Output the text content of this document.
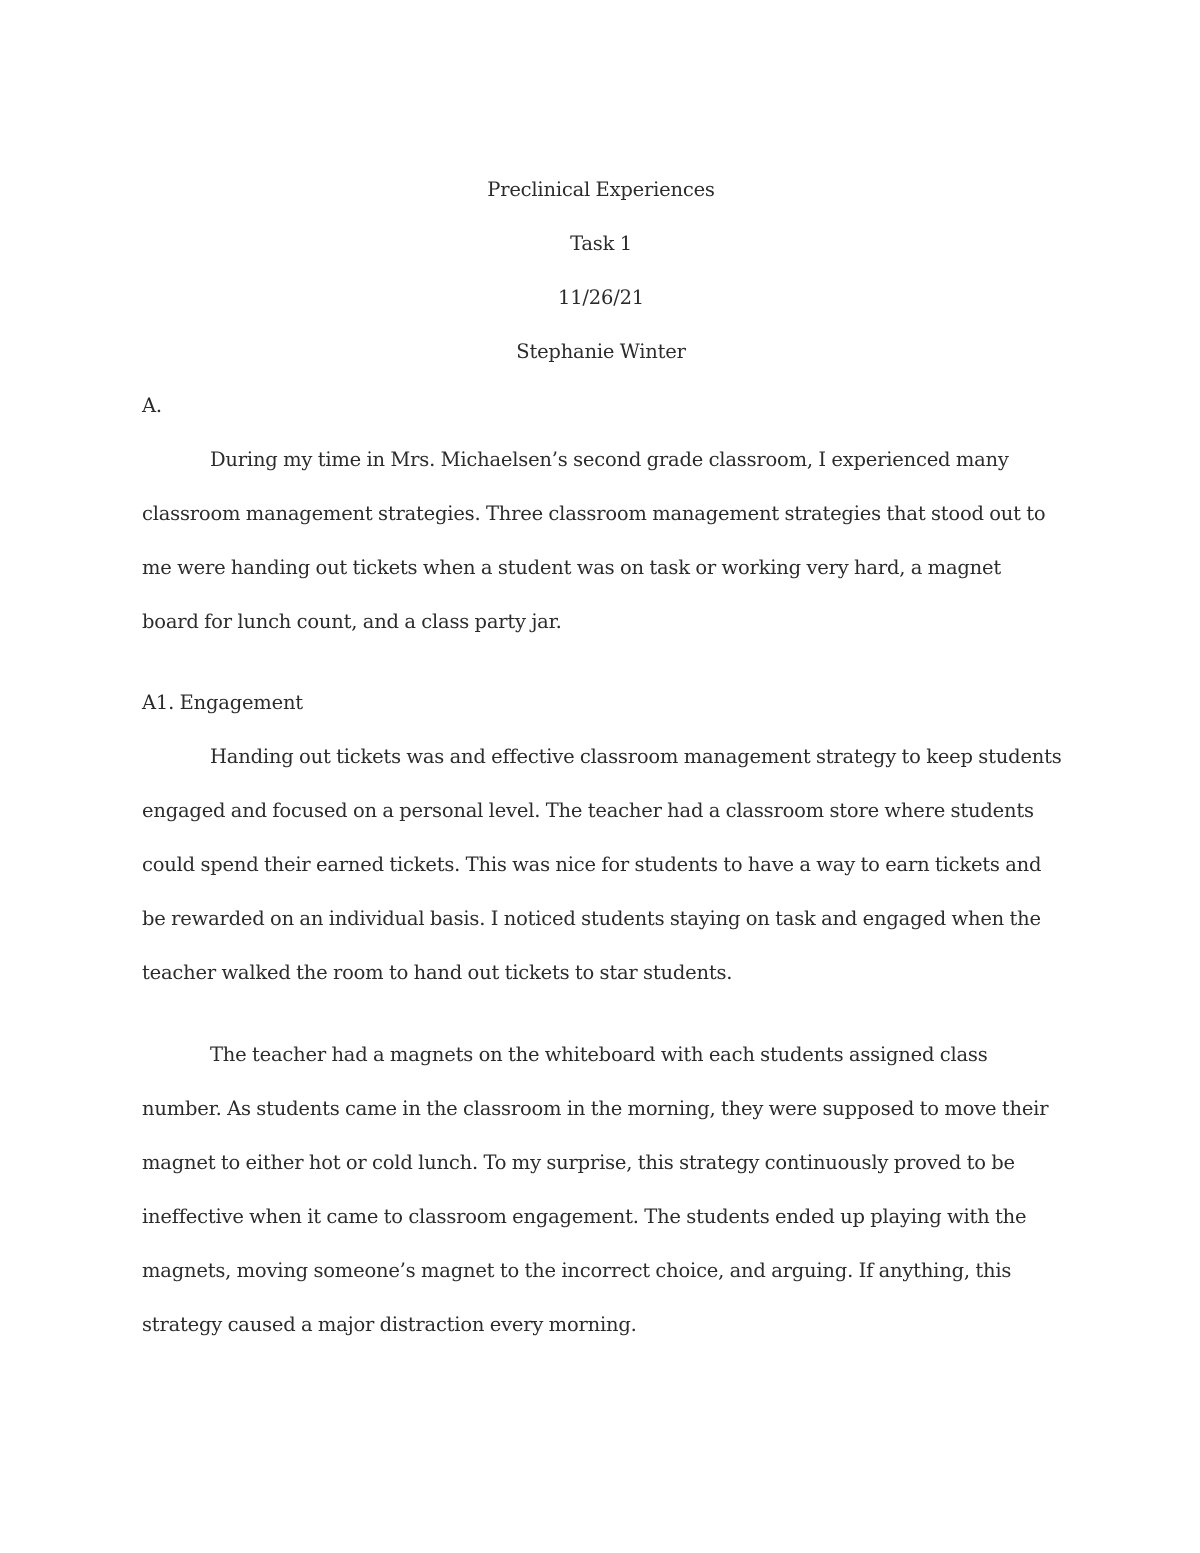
Preclinical Experiences

Task 1

11/26/21

Stephanie Winter

A.

During my time in Mrs. Michaelsen’s second grade classroom, I experienced many classroom management strategies. Three classroom management strategies that stood out to me were handing out tickets when a student was on task or working very hard, a magnet board for lunch count, and a class party jar.

A1. Engagement

Handing out tickets was and effective classroom management strategy to keep students engaged and focused on a personal level. The teacher had a classroom store where students could spend their earned tickets. This was nice for students to have a way to earn tickets and be rewarded on an individual basis. I noticed students staying on task and engaged when the teacher walked the room to hand out tickets to star students.

The teacher had a magnets on the whiteboard with each students assigned class number. As students came in the classroom in the morning, they were supposed to move their magnet to either hot or cold lunch. To my surprise, this strategy continuously proved to be ineffective when it came to classroom engagement. The students ended up playing with the magnets, moving someone’s magnet to the incorrect choice, and arguing. If anything, this strategy caused a major distraction every morning.
